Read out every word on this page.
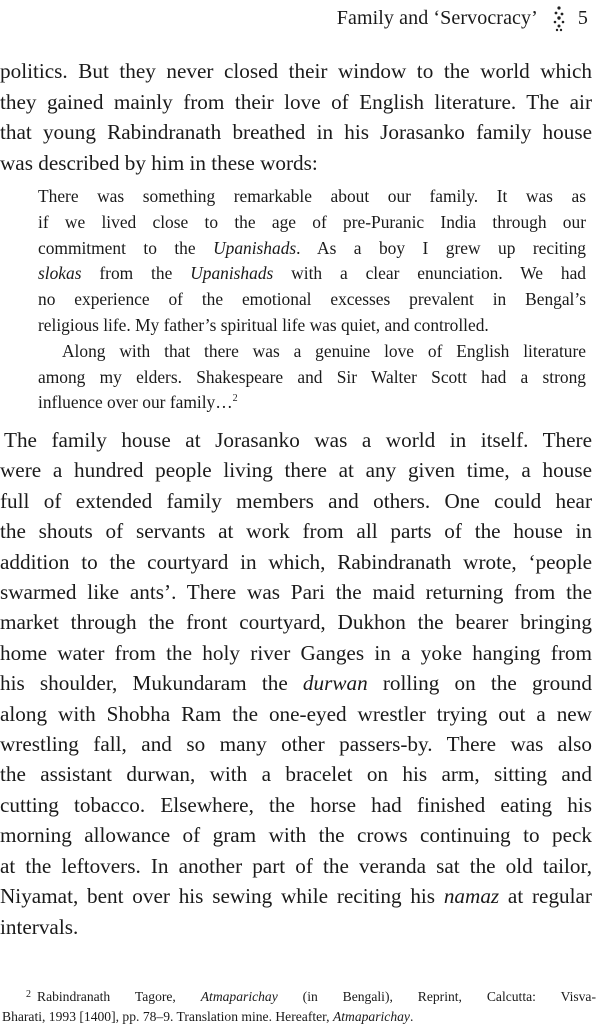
Family and ‘Servocracy’ 5
politics. But they never closed their window to the world which
they gained mainly from their love of English literature. The air
that young Rabindranath breathed in his Jorasanko family house
was described by him in these words:

There was something remarkable about our family. It was as
if we lived close to the age of pre-Puranic India through our
commitment to the Upanishads. As a boy I grew up reciting
slokas from the Upanishads with a clear enunciation. We had
no experience of the emotional excesses prevalent in Bengal’s
religious life. My father’s spiritual life was quiet, and controlled.

Along with that there was a genuine love of English literature
among my elders. Shakespeare and Sir Walter Scott had a strong
influence over our family…$^2$

The family house at Jorasanko was a world in itself. There
were a hundred people living there at any given time, a house
full of extended family members and others. One could hear
the shouts of servants at work from all parts of the house in
addition to the courtyard in which, Rabindranath wrote, ‘people
swarmed like ants’. There was Pari the maid returning from the
market through the front courtyard, Dukhon the bearer bringing
home water from the holy river Ganges in a yoke hanging from
his shoulder, Mukundaram the durwan rolling on the ground
along with Shobha Ram the one-eyed wrestler trying out a new
wrestling fall, and so many other passers-by. There was also
the assistant durwan, with a bracelet on his arm, sitting and
cutting tobacco. Elsewhere, the horse had finished eating his
morning allowance of gram with the crows continuing to peck
at the leftovers. In another part of the veranda sat the old tailor,
Niyamat, bent over his sewing while reciting his namaz at regular
intervals.
$^2$ Rabindranath Tagore, Atmaparichay (in Bengali), Reprint, Calcutta: Visva-
Bharati, 1993 [1400], pp. 78–9. Translation mine. Hereafter, Atmaparichay.
